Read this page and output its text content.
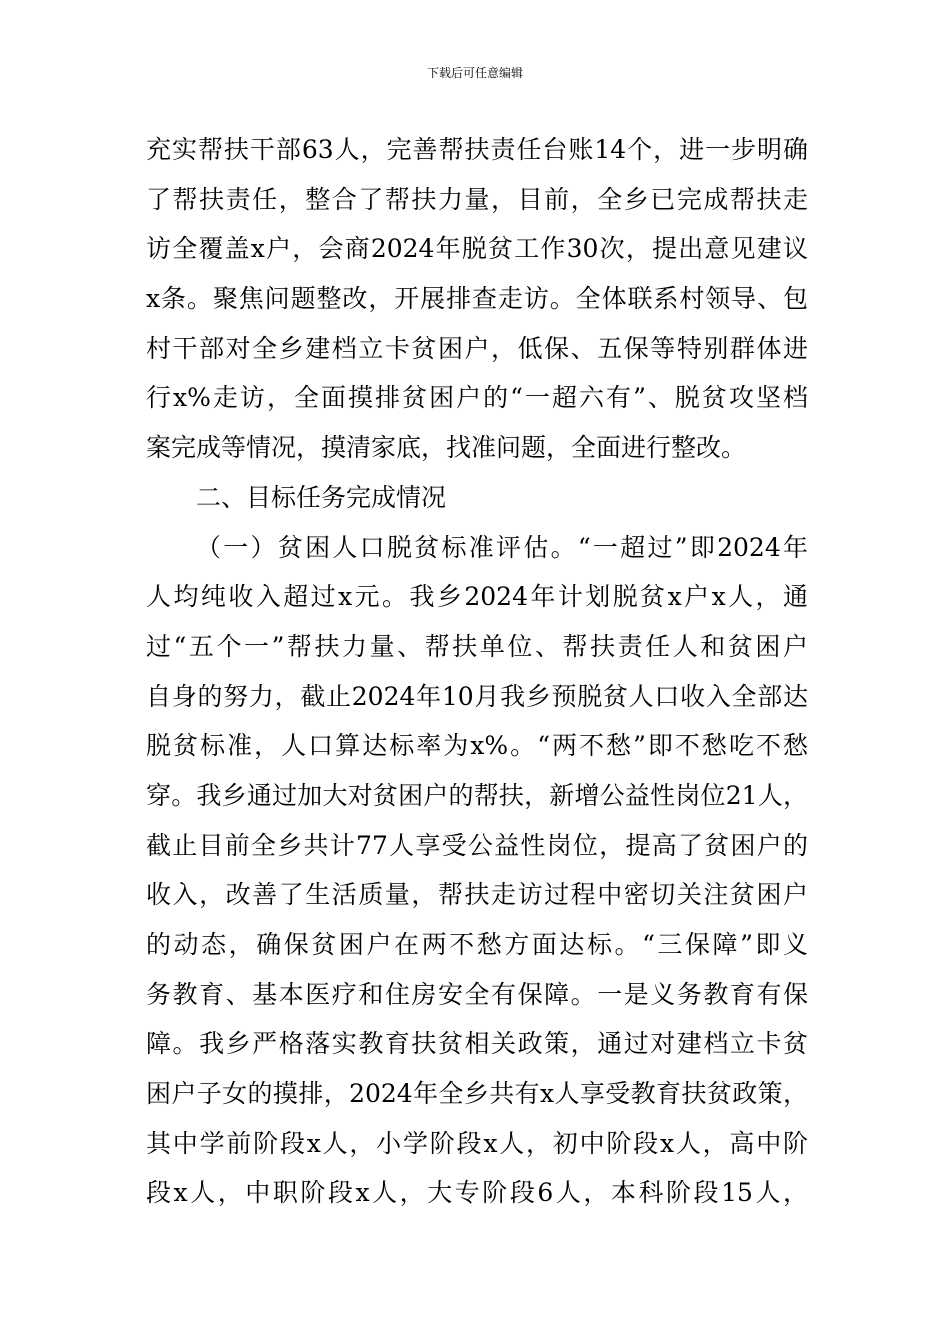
下载后可任意编辑
充实帮扶干部63人，完善帮扶责任台账14个，进一步明确
了帮扶责任，整合了帮扶力量，目前，全乡已完成帮扶走
访全覆盖x户，会商2024年脱贫工作30次，提出意见建议
x条。聚焦问题整改，开展排查走访。全体联系村领导、包
村干部对全乡建档立卡贫困户，低保、五保等特别群体进
行x%走访，全面摸排贫困户的“一超六有”、脱贫攻坚档
案完成等情况，摸清家底，找准问题，全面进行整改。
二、目标任务完成情况
（一）贫困人口脱贫标准评估。“一超过”即2024年
人均纯收入超过x元。我乡2024年计划脱贫x户x人，通
过“五个一”帮扶力量、帮扶单位、帮扶责任人和贫困户
自身的努力，截止2024年10月我乡预脱贫人口收入全部达
脱贫标准，人口算达标率为x%。“两不愁”即不愁吃不愁
穿。我乡通过加大对贫困户的帮扶，新增公益性岗位21人，
截止目前全乡共计77人享受公益性岗位，提高了贫困户的
收入，改善了生活质量，帮扶走访过程中密切关注贫困户
的动态，确保贫困户在两不愁方面达标。“三保障”即义
务教育、基本医疗和住房安全有保障。一是义务教育有保
障。我乡严格落实教育扶贫相关政策，通过对建档立卡贫
困户子女的摸排，2024年全乡共有x人享受教育扶贫政策，
其中学前阶段x人，小学阶段x人，初中阶段x人，高中阶
段x人，中职阶段x人，大专阶段6人，本科阶段15人，
